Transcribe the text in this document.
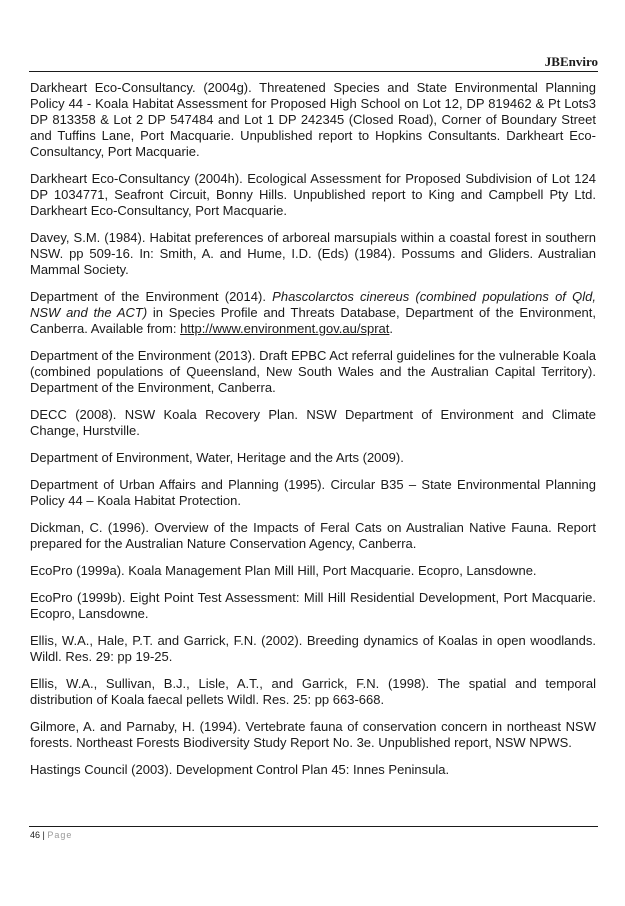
JBEnviro

Darkheart Eco-Consultancy. (2004g). Threatened Species and State Environmental Planning Policy 44 - Koala Habitat Assessment for Proposed High School on Lot 12, DP 819462 & Pt Lots3 DP 813358 & Lot 2 DP 547484 and Lot 1 DP 242345 (Closed Road), Corner of Boundary Street and Tuffins Lane, Port Macquarie. Unpublished report to Hopkins Consultants. Darkheart Eco-Consultancy, Port Macquarie.

Darkheart Eco-Consultancy (2004h). Ecological Assessment for Proposed Subdivision of Lot 124 DP 1034771, Seafront Circuit, Bonny Hills. Unpublished report to King and Campbell Pty Ltd. Darkheart Eco-Consultancy, Port Macquarie.

Davey, S.M. (1984). Habitat preferences of arboreal marsupials within a coastal forest in southern NSW. pp 509-16. In: Smith, A. and Hume, I.D. (Eds) (1984). Possums and Gliders. Australian Mammal Society.

Department of the Environment (2014). Phascolarctos cinereus (combined populations of Qld, NSW and the ACT) in Species Profile and Threats Database, Department of the Environment, Canberra. Available from: http://www.environment.gov.au/sprat.

Department of the Environment (2013). Draft EPBC Act referral guidelines for the vulnerable Koala (combined populations of Queensland, New South Wales and the Australian Capital Territory). Department of the Environment, Canberra.

DECC (2008). NSW Koala Recovery Plan. NSW Department of Environment and Climate Change, Hurstville.

Department of Environment, Water, Heritage and the Arts (2009).

Department of Urban Affairs and Planning (1995). Circular B35 – State Environmental Planning Policy 44 – Koala Habitat Protection.

Dickman, C. (1996). Overview of the Impacts of Feral Cats on Australian Native Fauna. Report prepared for the Australian Nature Conservation Agency, Canberra.

EcoPro (1999a). Koala Management Plan Mill Hill, Port Macquarie. Ecopro, Lansdowne.

EcoPro (1999b). Eight Point Test Assessment: Mill Hill Residential Development, Port Macquarie. Ecopro, Lansdowne.

Ellis, W.A., Hale, P.T. and Garrick, F.N. (2002). Breeding dynamics of Koalas in open woodlands. Wildl. Res. 29: pp 19-25.

Ellis, W.A., Sullivan, B.J., Lisle, A.T., and Garrick, F.N. (1998). The spatial and temporal distribution of Koala faecal pellets Wildl. Res. 25: pp 663-668.

Gilmore, A. and Parnaby, H. (1994). Vertebrate fauna of conservation concern in northeast NSW forests. Northeast Forests Biodiversity Study Report No. 3e. Unpublished report, NSW NPWS.

Hastings Council (2003). Development Control Plan 45: Innes Peninsula.

46 | Page
